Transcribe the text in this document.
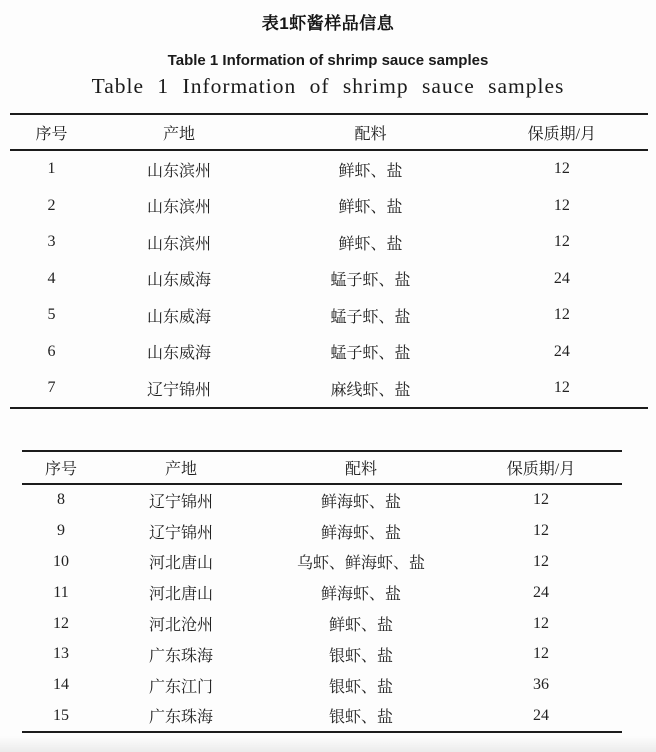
表1虾酱样品信息
Table 1 Information of shrimp sauce samples
Table 1 Information of shrimp sauce samples
序号	产地	配料	保质期/月
1	山东滨州	鲜虾、盐	12
2	山东滨州	鲜虾、盐	12
3	山东滨州	鲜虾、盐	12
4	山东威海	蜢子虾、盐	24
5	山东威海	蜢子虾、盐	12
6	山东威海	蜢子虾、盐	24
7	辽宁锦州	麻线虾、盐	12
序号	产地	配料	保质期/月
8	辽宁锦州	鲜海虾、盐	12
9	辽宁锦州	鲜海虾、盐	12
10	河北唐山	乌虾、鲜海虾、盐	12
11	河北唐山	鲜海虾、盐	24
12	河北沧州	鲜虾、盐	12
13	广东珠海	银虾、盐	12
14	广东江门	银虾、盐	36
15	广东珠海	银虾、盐	24
